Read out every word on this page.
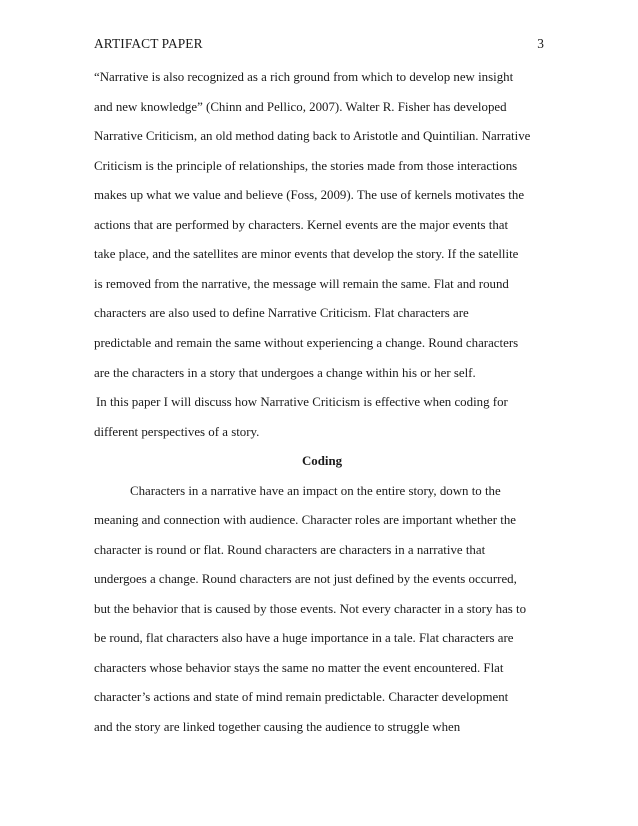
ARTIFACT PAPER	3
“Narrative is also recognized as a rich ground from which to develop new insight
and new knowledge” (Chinn and Pellico, 2007). Walter R. Fisher has developed
Narrative Criticism, an old method dating back to Aristotle and Quintilian. Narrative
Criticism is the principle of relationships, the stories made from those interactions
makes up what we value and believe (Foss, 2009). The use of kernels motivates the
actions that are performed by characters. Kernel events are the major events that
take place, and the satellites are minor events that develop the story. If the satellite
is removed from the narrative, the message will remain the same. Flat and round
characters are also used to define Narrative Criticism. Flat characters are
predictable and remain the same without experiencing a change. Round characters
are the characters in a story that undergoes a change within his or her self.
In this paper I will discuss how Narrative Criticism is effective when coding for
different perspectives of a story.
Coding
Characters in a narrative have an impact on the entire story, down to the
meaning and connection with audience. Character roles are important whether the
character is round or flat. Round characters are characters in a narrative that
undergoes a change. Round characters are not just defined by the events occurred,
but the behavior that is caused by those events. Not every character in a story has to
be round, flat characters also have a huge importance in a tale. Flat characters are
characters whose behavior stays the same no matter the event encountered. Flat
character’s actions and state of mind remain predictable. Character development
and the story are linked together causing the audience to struggle when
